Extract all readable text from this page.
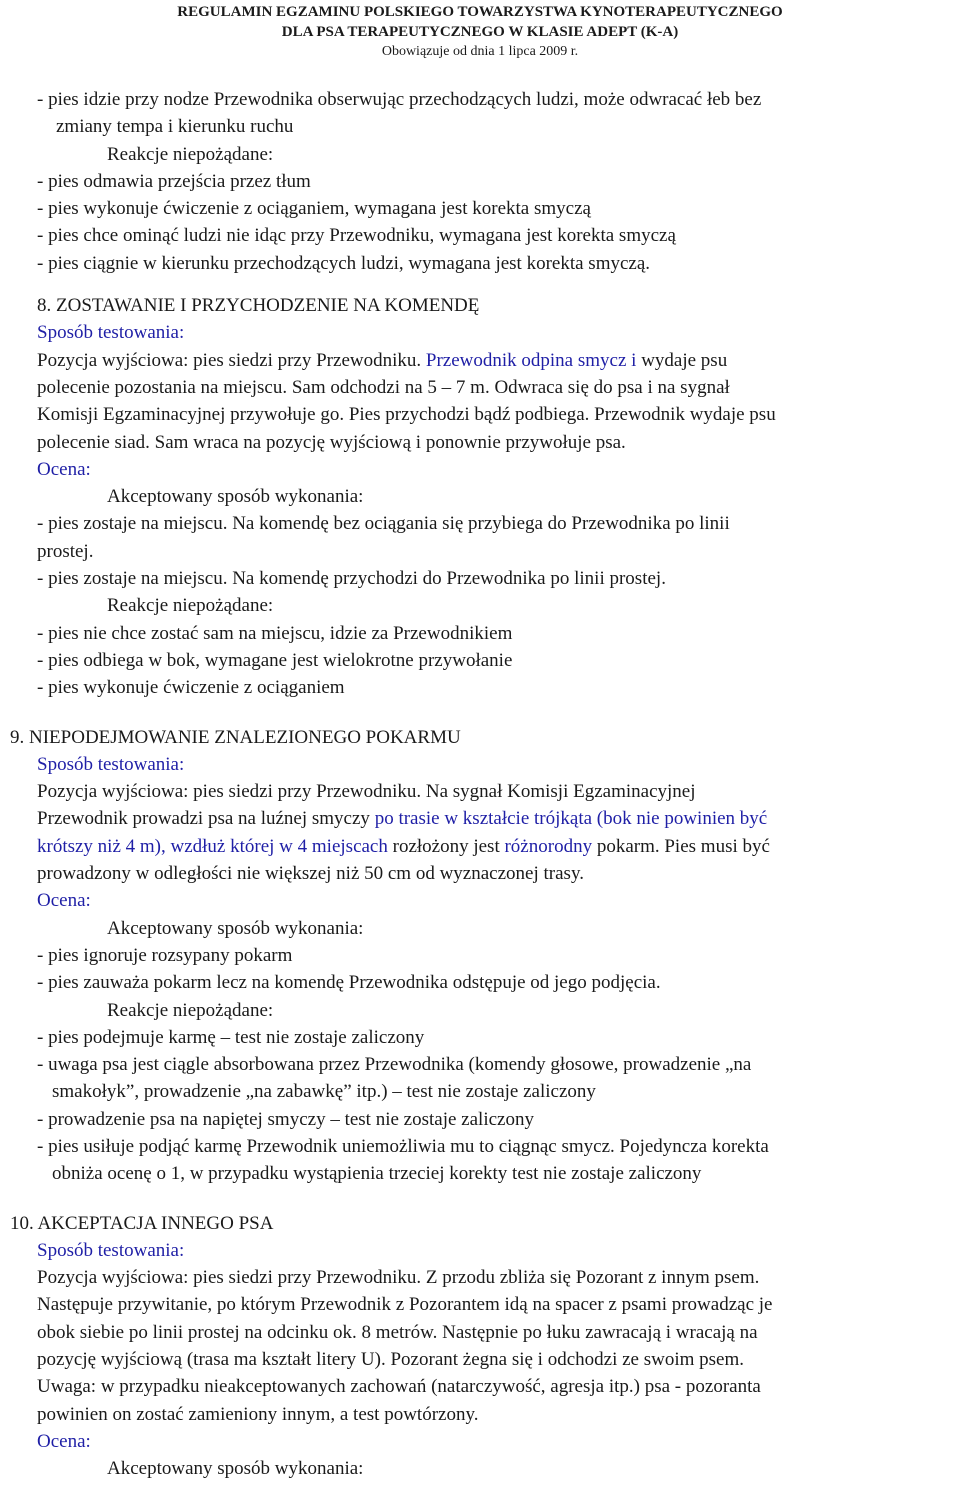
REGULAMIN EGZAMINU POLSKIEGO TOWARZYSTWA KYNOTERAPEUTYCZNEGO
DLA PSA TERAPEUTYCZNEGO W KLASIE ADEPT (K-A)
Obowiązuje od dnia 1 lipca 2009 r.
- pies idzie przy nodze Przewodnika obserwując przechodzących ludzi, może odwracać łeb bez
zmiany tempa i kierunku ruchu
Reakcje niepożądane:
- pies odmawia przejścia przez tłum
- pies wykonuje ćwiczenie z ociąganiem, wymagana jest korekta smyczą
- pies chce ominąć ludzi nie idąc przy Przewodniku, wymagana jest korekta smyczą
- pies ciągnie w kierunku przechodzących ludzi, wymagana jest korekta smyczą.
8. ZOSTAWANIE I PRZYCHODZENIE NA KOMENDĘ
Sposób testowania:
Pozycja wyjściowa: pies siedzi przy Przewodniku. Przewodnik odpina smycz i wydaje psu
polecenie pozostania na miejscu. Sam odchodzi na 5 – 7 m. Odwraca się do psa i na sygnał
Komisji Egzaminacyjnej przywołuje go. Pies przychodzi bądź podbiega. Przewodnik wydaje psu
polecenie siad. Sam wraca na pozycję wyjściową i ponownie przywołuje psa.
Ocena:
Akceptowany sposób wykonania:
- pies zostaje na miejscu. Na komendę bez ociągania się przybiega do Przewodnika po linii
prostej.
- pies zostaje na miejscu. Na komendę przychodzi do Przewodnika po linii prostej.
Reakcje niepożądane:
- pies nie chce zostać sam na miejscu, idzie za Przewodnikiem
- pies odbiega w bok, wymagane jest wielokrotne przywołanie
- pies wykonuje ćwiczenie z ociąganiem
9. NIEPODEJMOWANIE ZNALEZIONEGO POKARMU
Sposób testowania:
Pozycja wyjściowa: pies siedzi przy Przewodniku. Na sygnał Komisji Egzaminacyjnej
Przewodnik prowadzi psa na luźnej smyczy po trasie w kształcie trójkąta (bok nie powinien być
krótszy niż 4 m), wzdłuż której w 4 miejscach rozłożony jest różnorodny pokarm. Pies musi być
prowadzony w odległości nie większej niż 50 cm od wyznaczonej trasy.
Ocena:
Akceptowany sposób wykonania:
- pies ignoruje rozsypany pokarm
- pies zauważa pokarm lecz na komendę Przewodnika odstępuje od jego podjęcia.
Reakcje niepożądane:
- pies podejmuje karmę – test nie zostaje zaliczony
- uwaga psa jest ciągle absorbowana przez Przewodnika (komendy głosowe, prowadzenie „na
smakołyk”, prowadzenie „na zabawkę” itp.) – test nie zostaje zaliczony
- prowadzenie psa na napiętej smyczy – test nie zostaje zaliczony
- pies usiłuje podjąć karmę Przewodnik uniemożliwia mu to ciągnąc smycz. Pojedyncza korekta
obniża ocenę o 1, w przypadku wystąpienia trzeciej korekty test nie zostaje zaliczony
10. AKCEPTACJA INNEGO PSA
Sposób testowania:
Pozycja wyjściowa: pies siedzi przy Przewodniku. Z przodu zbliża się Pozorant z innym psem.
Następuje przywitanie, po którym Przewodnik z Pozorantem idą na spacer z psami prowadząc je
obok siebie po linii prostej na odcinku ok. 8 metrów. Następnie po łuku zawracają i wracają na
pozycję wyjściową (trasa ma kształt litery U). Pozorant żegna się i odchodzi ze swoim psem.
Uwaga: w przypadku nieakceptowanych zachowań (natarczywość, agresja itp.) psa - pozoranta
powinien on zostać zamieniony innym, a test powtórzony.
Ocena:
Akceptowany sposób wykonania:
